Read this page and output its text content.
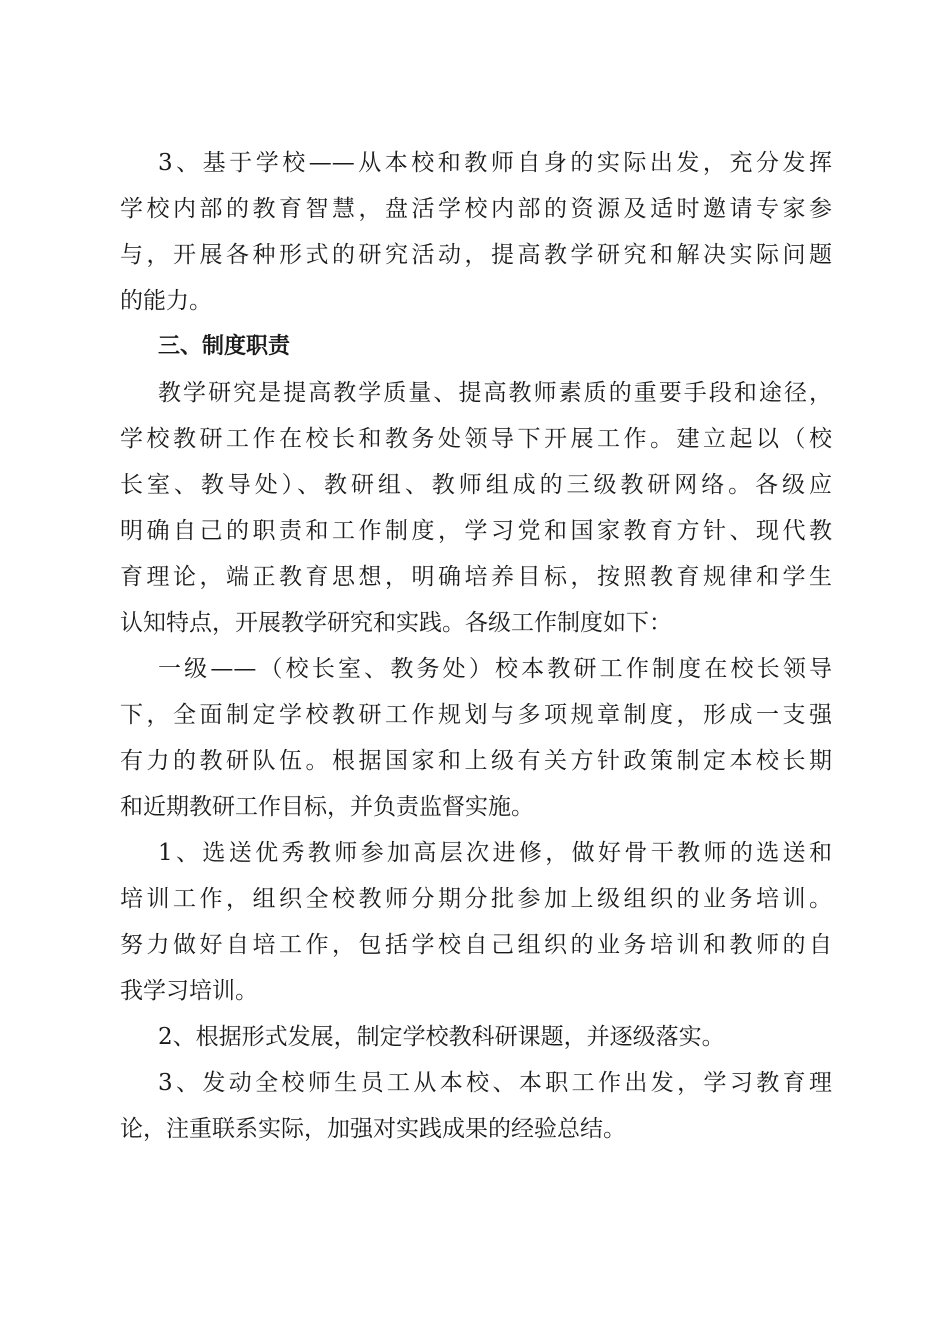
3、基于学校——从本校和教师自身的实际出发，充分发挥
学校内部的教育智慧，盘活学校内部的资源及适时邀请专家参
与，开展各种形式的研究活动，提高教学研究和解决实际问题
的能力。
三、制度职责
教学研究是提高教学质量、提高教师素质的重要手段和途径，
学校教研工作在校长和教务处领导下开展工作。建立起以（校
长室、教导处）、教研组、教师组成的三级教研网络。各级应
明确自己的职责和工作制度，学习党和国家教育方针、现代教
育理论，端正教育思想，明确培养目标，按照教育规律和学生
认知特点，开展教学研究和实践。各级工作制度如下：
一级——（校长室、教务处）校本教研工作制度在校长领导
下，全面制定学校教研工作规划与多项规章制度，形成一支强
有力的教研队伍。根据国家和上级有关方针政策制定本校长期
和近期教研工作目标，并负责监督实施。
1、选送优秀教师参加高层次进修，做好骨干教师的选送和
培训工作，组织全校教师分期分批参加上级组织的业务培训。
努力做好自培工作，包括学校自己组织的业务培训和教师的自
我学习培训。
2、根据形式发展，制定学校教科研课题，并逐级落实。
3、发动全校师生员工从本校、本职工作出发，学习教育理
论，注重联系实际，加强对实践成果的经验总结。
